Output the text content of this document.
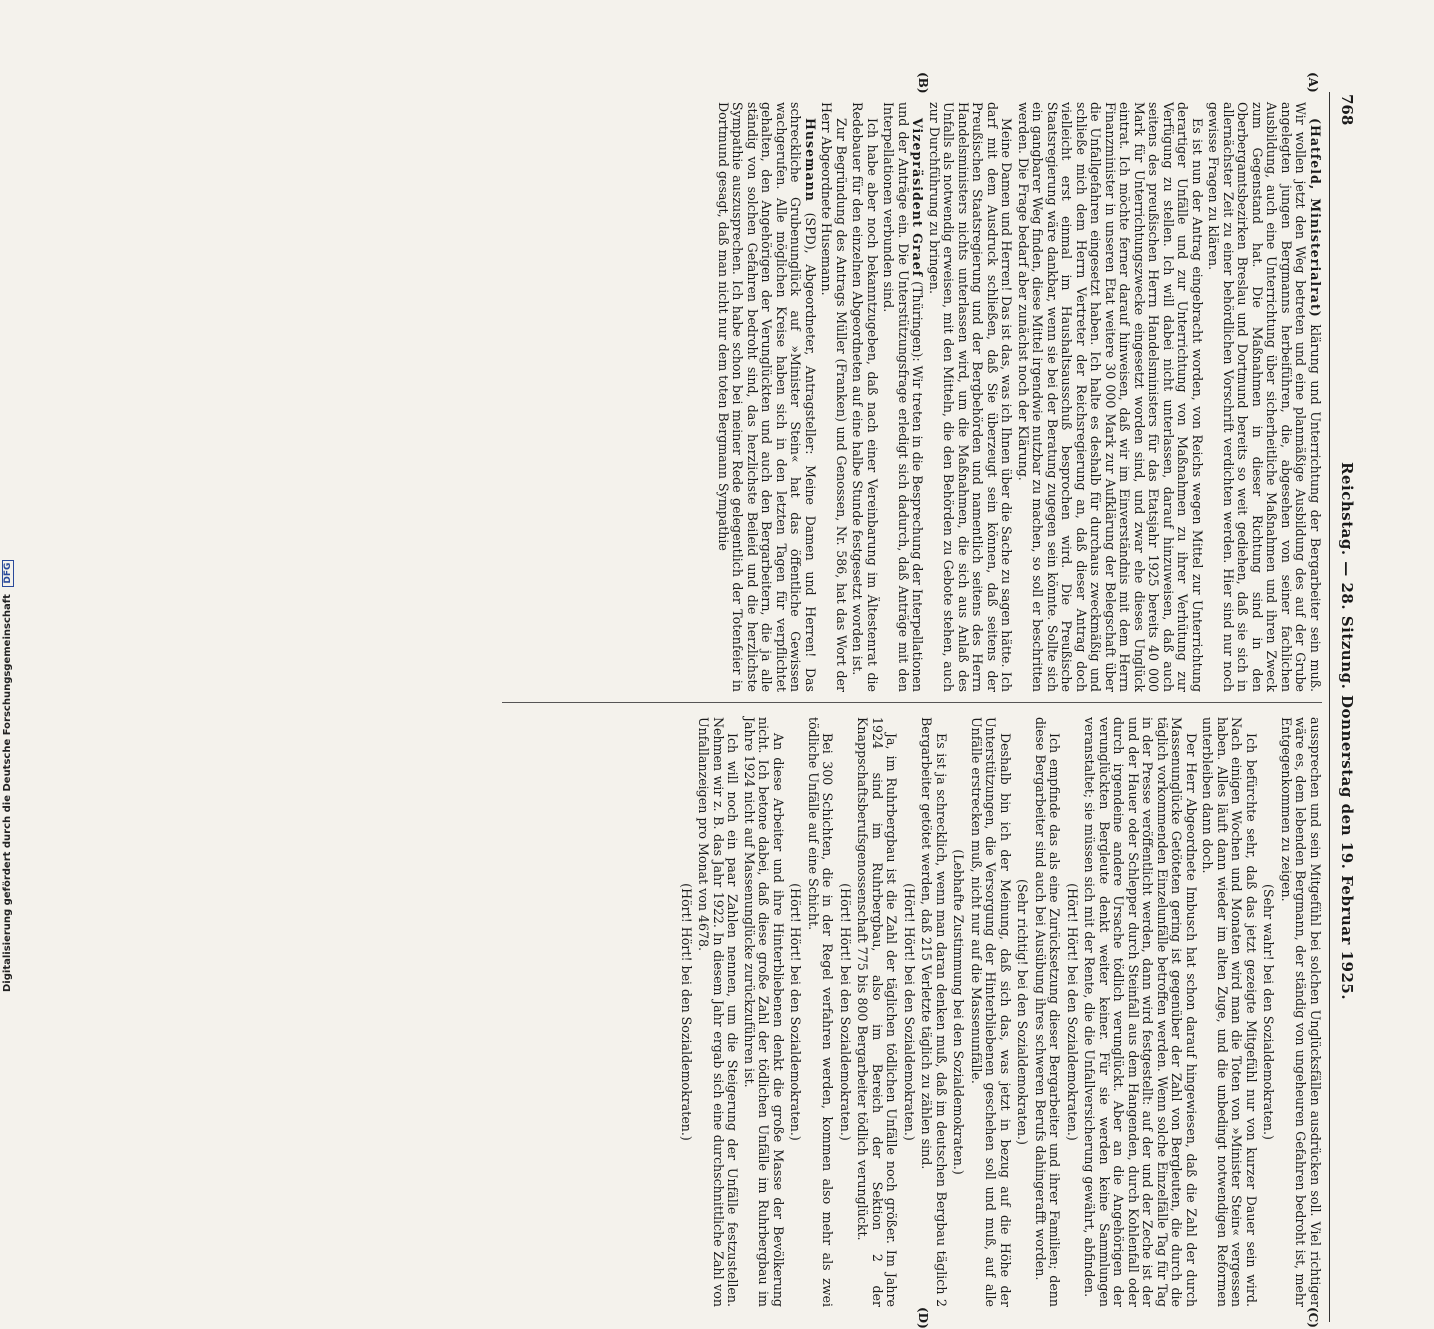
768
Reichstag. — 28. Sitzung. Donnerstag den 19. Februar 1925.
(A)
(B)
(C)
(D)

(Hatfeld, Ministerialrat) klärung und Unterrichtung der Bergarbeiter sein muß. Wir wollen jetzt den Weg betreten und eine planmäßige Ausbildung des auf der Grube angelegten jungen Bergmanns herbeiführen, die, abgesehen von seiner fachlichen Ausbildung, auch eine Unterrichtung über sicherheitliche Maßnahmen und ihren Zweck zum Gegenstand hat. Die Maßnahmen in dieser Richtung sind in den Oberbergamtsbezirken Breslau und Dortmund bereits so weit gediehen, daß sie sich in allernächster Zeit zu einer behördlichen Vorschrift verdichten werden. Hier sind nur noch gewisse Fragen zu klären.

Es ist nun der Antrag eingebracht worden, von Reichs wegen Mittel zur Unterrichtung derartiger Unfälle und zur Unterrichtung von Maßnahmen zu ihrer Verhütung zur Verfügung zu stellen. Ich will dabei nicht unterlassen, darauf hinzuweisen, daß auch seitens des preußischen Herrn Handelsministers für das Etatsjahr 1925 bereits 40 000 Mark für Unterrichtungszwecke eingesetzt worden sind, und zwar ehe dieses Unglück eintrat. Ich möchte ferner darauf hinweisen, daß wir im Einverständnis mit dem Herrn Finanzminister in unseren Etat weitere 30 000 Mark zur Aufklärung der Belegschaft über die Unfallgefahren eingesetzt haben. Ich halte es deshalb für durchaus zweckmäßig und schließe mich dem Herrn Vertreter der Reichsregierung an, daß dieser Antrag doch vielleicht erst einmal im Haushaltsausschuß besprochen wird. Die Preußische Staatsregierung wäre dankbar, wenn sie bei der Beratung zugegen sein könnte. Sollte sich ein gangbarer Weg finden, diese Mittel irgendwie nutzbar zu machen, so soll er beschritten werden. Die Frage bedarf aber zunächst noch der Klärung.

Meine Damen und Herren! Das ist das, was ich Ihnen über die Sache zu sagen hätte. Ich darf mit dem Ausdruck schließen, daß Sie überzeugt sein können, daß seitens der Preußischen Staatsregierung und der Bergbehörden und namentlich seitens des Herrn Handelsministers nichts unterlassen wird, um die Maßnahmen, die sich aus Anlaß des Unfalls als notwendig erweisen, mit den Mitteln, die den Behörden zu Gebote stehen, auch zur Durchführung zu bringen.

Vizepräsident Graef (Thüringen): Wir treten in die Besprechung der Interpellationen und der Anträge ein. Die Unterstützungsfrage erledigt sich dadurch, daß Anträge mit den Interpellationen verbunden sind.

Ich habe aber noch bekanntzugeben, daß nach einer Vereinbarung im Ältestenrat die Redebauer für den einzelnen Abgeordneten auf eine halbe Stunde festgesetzt worden ist.

Zur Begründung des Antrags Müller (Franken) und Genossen, Nr. 586, hat das Wort der Herr Abgeordnete Husemann.

Husemann (SPD), Abgeordneter, Antragsteller: Meine Damen und Herren! Das schreckliche Grubenunglück auf »Minister Stein« hat das öffentliche Gewissen wachgerufen. Alle möglichen Kreise haben sich in den letzten Tagen für verpflichtet gehalten, den Angehörigen der Verunglückten und auch den Bergarbeitern, die ja alle ständig von solchen Gefahren bedroht sind, das herzlichste Beileid und die herzlichste Sympathie auszusprechen. Ich habe schon bei meiner Rede gelegentlich der Totenfeier in Dortmund gesagt, daß man nicht nur dem toten Bergmann Sympathie

aussprechen und sein Mitgefühl bei solchen Unglücksfällen ausdrücken soll. Viel richtiger wäre es, dem lebenden Bergmann, der ständig von ungeheuren Gefahren bedroht ist, mehr Entgegenkommen zu zeigen.

(Sehr wahr! bei den Sozialdemokraten.)

Ich befürchte sehr, daß das jetzt gezeigte Mitgefühl nur von kurzer Dauer sein wird. Nach einigen Wochen und Monaten wird man die Toten von »Minister Stein« vergessen haben. Alles läuft dann wieder im alten Zuge, und die unbedingt notwendigen Reformen unterbleiben dann doch.

Der Herr Abgeordnete Imbusch hat schon darauf hingewiesen, daß die Zahl der durch Massenunglücke Getöteten gering ist gegenüber der Zahl von Bergleuten, die durch die täglich vorkommenden Einzelunfälle betroffen werden. Wenn solche Einzelfälle Tag für Tag in der Presse veröffentlicht werden, dann wird festgestellt: auf der und der Zeche ist der und der Hauer oder Schlepper durch Steinfall aus dem Hangenden, durch Kohlenfall oder durch irgendeine andere Ursache tödlich verunglückt. Aber an die Angehörigen der verunglückten Bergleute denkt weiter keiner. Für sie werden keine Sammlungen veranstaltet; sie müssen sich mit der Rente, die die Unfallversicherung gewährt, abfinden.

(Hört! Hört! bei den Sozialdemokraten.)

Ich empfinde das als eine Zurücksetzung dieser Bergarbeiter und ihrer Familien; denn diese Bergarbeiter sind auch bei Ausübung ihres schweren Berufs dahingerafft worden.

(Sehr richtig! bei den Sozialdemokraten.)

Deshalb bin ich der Meinung, daß sich das, was jetzt in bezug auf die Höhe der Unterstützungen, die Versorgung der Hinterbliebenen geschehen soll und muß, auf alle Unfälle erstrecken muß, nicht nur auf die Massenunfälle.

(Lebhafte Zustimmung bei den Sozialdemokraten.)

Es ist ja schrecklich, wenn man daran denken muß, daß im deutschen Bergbau täglich 2 Bergarbeiter getötet werden, daß 215 Verletzte täglich zu zählen sind.

(Hört! Hört! bei den Sozialdemokraten.)

Ja, im Ruhrbergbau ist die Zahl der täglichen tödlichen Unfälle noch größer. Im Jahre 1924 sind im Ruhrbergbau, also im Bereich der Sektion 2 der Knappschaftsberufsgenossenschaft 775 bis 800 Bergarbeiter tödlich verunglückt.

(Hört! Hört! bei den Sozialdemokraten.)

Bei 300 Schichten, die in der Regel verfahren werden, kommen also mehr als zwei tödliche Unfälle auf eine Schicht.

(Hört! Hört! bei den Sozialdemokraten.)

An diese Arbeiter und ihre Hinterbliebenen denkt die große Masse der Bevölkerung nicht. Ich betone dabei, daß diese große Zahl der tödlichen Unfälle im Ruhrbergbau im Jahre 1924 nicht auf Massenunglücke zurückzuführen ist.

Ich will noch ein paar Zahlen nennen, um die Steigerung der Unfälle festzustellen. Nehmen wir z. B. das Jahr 1922. In diesem Jahr ergab sich eine durchschnittliche Zahl von Unfallanzeigen pro Monat von 4678.

(Hört! Hört! bei den Sozialdemokraten.)

Digitalisierung gefördert durch die Deutsche Forschungsgemeinschaft DFG
